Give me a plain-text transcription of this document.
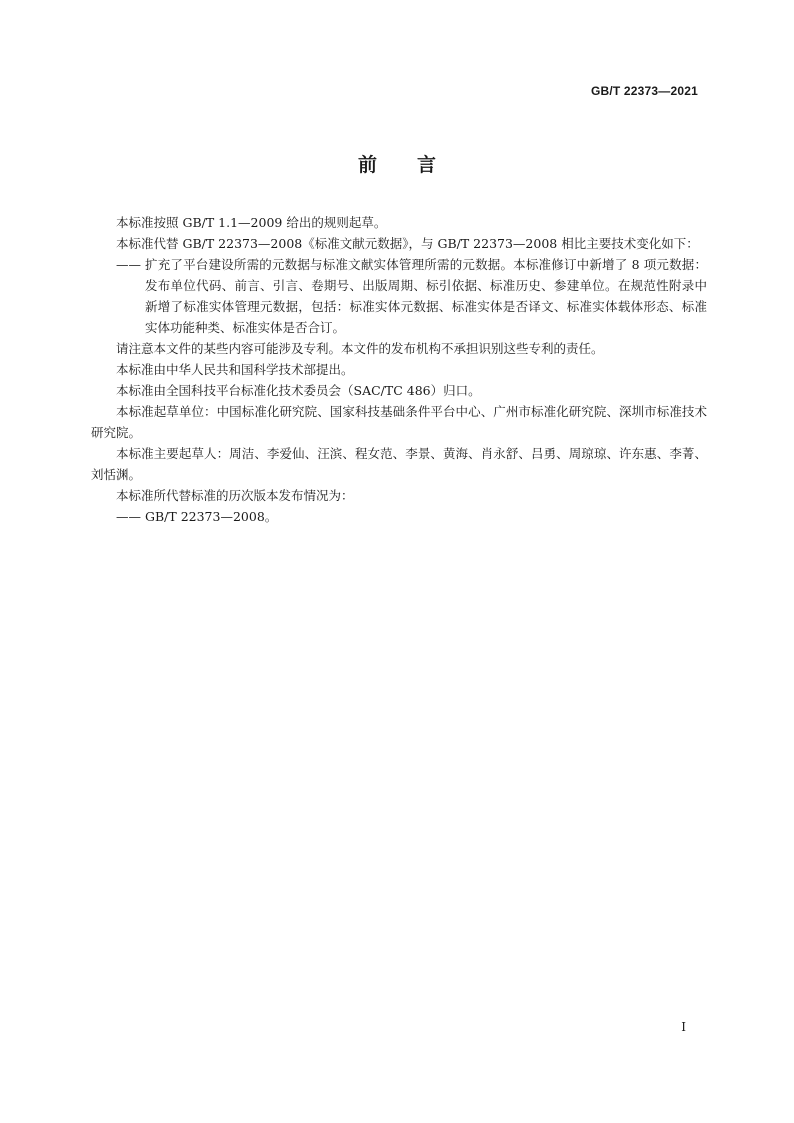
GB/T 22373—2021
前 言

本标准按照 GB/T 1.1—2009 给出的规则起草。

本标准代替 GB/T 22373—2008《标准文献元数据》，与 GB/T 22373—2008 相比主要技术变化如下：

—— 扩充了平台建设所需的元数据与标准文献实体管理所需的元数据。本标准修订中新增了 8 项元数据：发布单位代码、前言、引言、卷期号、出版周期、标引依据、标准历史、参建单位。在规范性附录中新增了标准实体管理元数据，包括：标准实体元数据、标准实体是否译文、标准实体载体形态、标准实体功能种类、标准实体是否合订。

请注意本文件的某些内容可能涉及专利。本文件的发布机构不承担识别这些专利的责任。

本标准由中华人民共和国科学技术部提出。

本标准由全国科技平台标准化技术委员会（SAC/TC 486）归口。

本标准起草单位：中国标准化研究院、国家科技基础条件平台中心、广州市标准化研究院、深圳市标准技术研究院。

本标准主要起草人：周洁、李爱仙、汪滨、程女范、李景、黄海、肖永舒、吕勇、周琼琼、许东惠、李菁、刘恬渊。

本标准所代替标准的历次版本发布情况为：

—— GB/T 22373—2008。

I
